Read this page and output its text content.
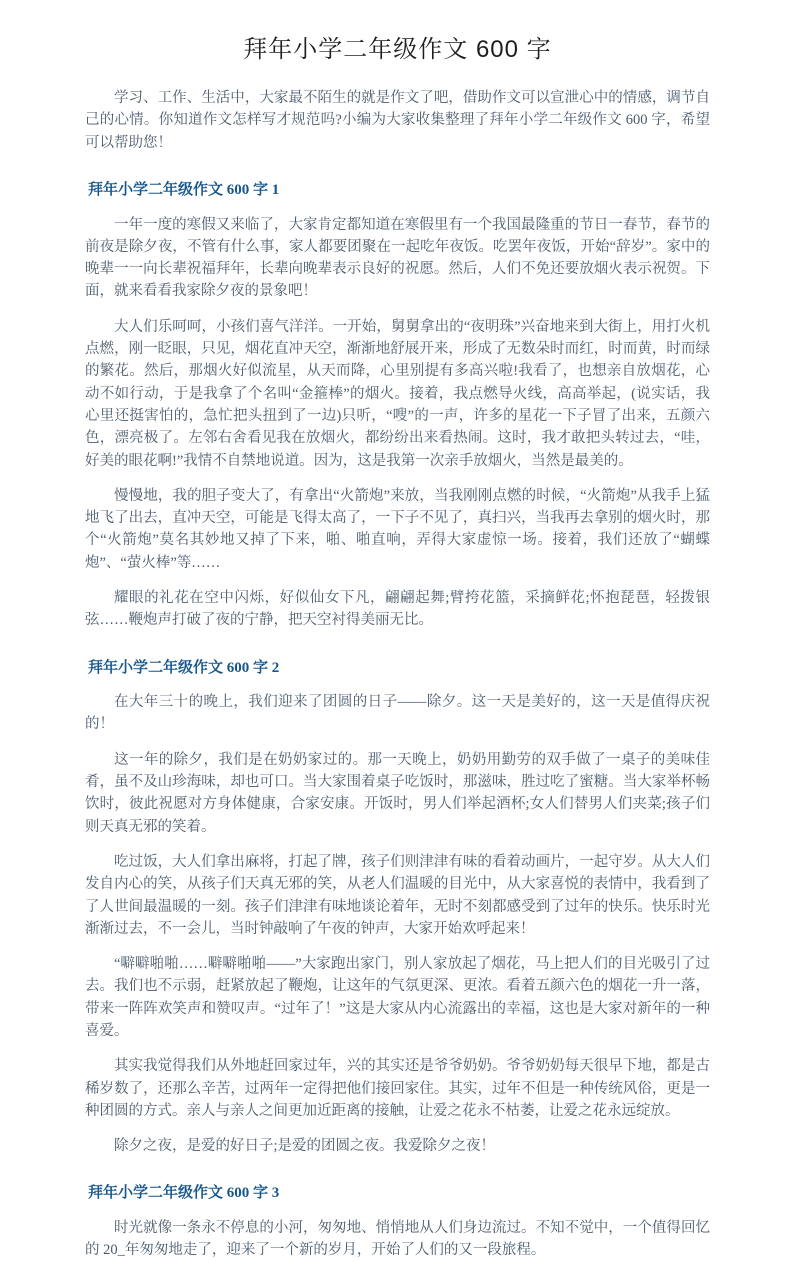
拜年小学二年级作文 600 字

学习、工作、生活中，大家最不陌生的就是作文了吧，借助作文可以宣泄心中的情感，调节自己的心情。你知道作文怎样写才规范吗?小编为大家收集整理了拜年小学二年级作文 600 字，希望可以帮助您！

拜年小学二年级作文 600 字 1

一年一度的寒假又来临了，大家肯定都知道在寒假里有一个我国最隆重的节日一春节，春节的前夜是除夕夜，不管有什么事，家人都要团聚在一起吃年夜饭。吃罢年夜饭，开始“辞岁”。家中的晚辈一一向长辈祝福拜年，长辈向晚辈表示良好的祝愿。然后，人们不免还要放烟火表示祝贺。下面，就来看看我家除夕夜的景象吧！

大人们乐呵呵，小孩们喜气洋洋。一开始，舅舅拿出的“夜明珠”兴奋地来到大街上，用打火机点燃，刚一眨眼，只见，烟花直冲天空，渐渐地舒展开来，形成了无数朵时而红，时而黄，时而绿的繁花。然后，那烟火好似流星，从天而降，心里别提有多高兴啦!我看了，也想亲自放烟花，心动不如行动，于是我拿了个名叫“金箍棒”的烟火。接着，我点燃导火线，高高举起，(说实话，我心里还挺害怕的，急忙把头扭到了一边)只听，“嗖”的一声，许多的星花一下子冒了出来，五颜六色，漂亮极了。左邻右舍看见我在放烟火，都纷纷出来看热闹。这时，我才敢把头转过去，“哇，好美的眼花啊!”我情不自禁地说道。因为，这是我第一次亲手放烟火，当然是最美的。

慢慢地，我的胆子变大了，有拿出“火箭炮”来放，当我刚刚点燃的时候，“火箭炮”从我手上猛地飞了出去，直冲天空，可能是飞得太高了，一下子不见了，真扫兴，当我再去拿别的烟火时，那个“火箭炮”莫名其妙地又掉了下来，啪、啪直响，弄得大家虚惊一场。接着，我们还放了“蝴蝶炮”、“萤火棒”等……

耀眼的礼花在空中闪烁，好似仙女下凡，翩翩起舞;臂挎花篮，采摘鲜花;怀抱琵琶，轻拨银弦……鞭炮声打破了夜的宁静，把天空衬得美丽无比。

拜年小学二年级作文 600 字 2

在大年三十的晚上，我们迎来了团圆的日子——除夕。这一天是美好的，这一天是值得庆祝的！

这一年的除夕，我们是在奶奶家过的。那一天晚上，奶奶用勤劳的双手做了一桌子的美味佳肴，虽不及山珍海味，却也可口。当大家围着桌子吃饭时，那滋味，胜过吃了蜜糖。当大家举杯畅饮时，彼此祝愿对方身体健康，合家安康。开饭时，男人们举起酒杯;女人们替男人们夹菜;孩子们则天真无邪的笑着。

吃过饭，大人们拿出麻将，打起了牌，孩子们则津津有味的看着动画片，一起守岁。从大人们发自内心的笑，从孩子们天真无邪的笑，从老人们温暖的目光中，从大家喜悦的表情中，我看到了了人世间最温暖的一刻。孩子们津津有味地谈论着年，无时不刻都感受到了过年的快乐。快乐时光渐渐过去，不一会儿，当时钟敲响了午夜的钟声，大家开始欢呼起来！

“噼噼啪啪……噼噼啪啪——”大家跑出家门，别人家放起了烟花，马上把人们的目光吸引了过去。我们也不示弱，赶紧放起了鞭炮，让这年的气氛更深、更浓。看着五颜六色的烟花一升一落，带来一阵阵欢笑声和赞叹声。“过年了！”这是大家从内心流露出的幸福，这也是大家对新年的一种喜爱。

其实我觉得我们从外地赶回家过年，兴的其实还是爷爷奶奶。爷爷奶奶每天很早下地，都是古稀岁数了，还那么辛苦，过两年一定得把他们接回家住。其实，过年不但是一种传统风俗，更是一种团圆的方式。亲人与亲人之间更加近距离的接触，让爱之花永不枯萎，让爱之花永远绽放。

除夕之夜，是爱的好日子;是爱的团圆之夜。我爱除夕之夜！

拜年小学二年级作文 600 字 3

时光就像一条永不停息的小河，匆匆地、悄悄地从人们身边流过。不知不觉中，一个值得回忆的 20_年匆匆地走了，迎来了一个新的岁月，开始了人们的又一段旅程。
